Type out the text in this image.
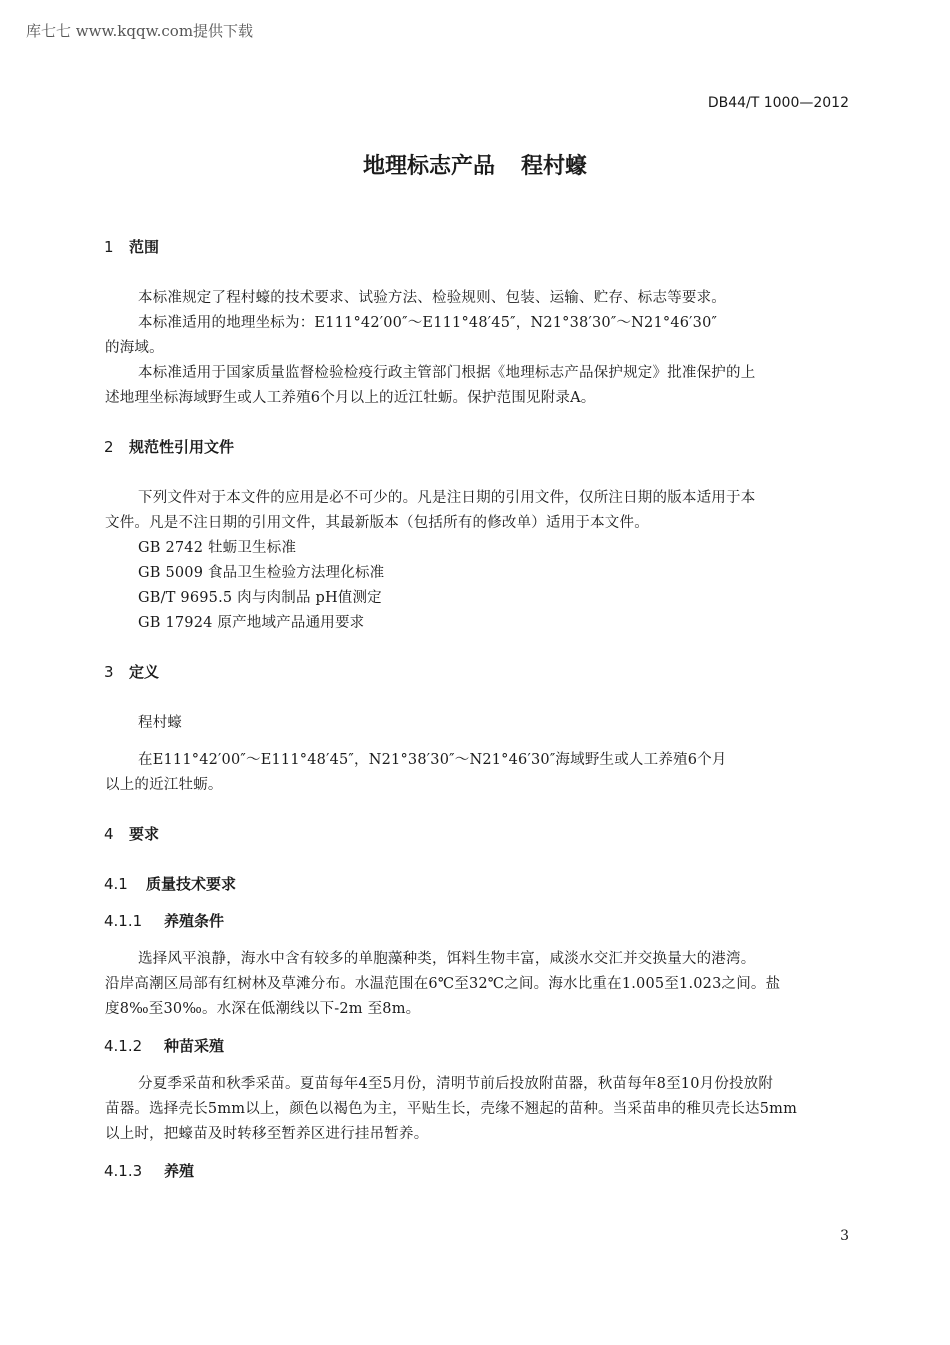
库七七 www.kqqw.com提供下载
DB44/T 1000—2012
地理标志产品 程村蠔
1 范围
本标准规定了程村蠔的技术要求、试验方法、检验规则、包装、运输、贮存、标志等要求。
本标准适用的地理坐标为：E111°42′00″～E111°48′45″，N21°38′30″～N21°46′30″
的海域。
本标准适用于国家质量监督检验检疫行政主管部门根据《地理标志产品保护规定》批准保护的上
述地理坐标海域野生或人工养殖6个月以上的近江牡蛎。保护范围见附录A。
2 规范性引用文件
下列文件对于本文件的应用是必不可少的。凡是注日期的引用文件，仅所注日期的版本适用于本
文件。凡是不注日期的引用文件，其最新版本（包括所有的修改单）适用于本文件。
GB 2742 牡蛎卫生标准
GB 5009 食品卫生检验方法理化标准
GB/T 9695.5 肉与肉制品 pH值测定
GB 17924 原产地域产品通用要求
3 定义
程村蠔
在E111°42′00″～E111°48′45″，N21°38′30″～N21°46′30″海域野生或人工养殖6个月
以上的近江牡蛎。
4 要求
4.1 质量技术要求
4.1.1 养殖条件
选择风平浪静，海水中含有较多的单胞藻种类，饵料生物丰富，咸淡水交汇并交换量大的港湾。
沿岸高潮区局部有红树林及草滩分布。水温范围在6℃至32℃之间。海水比重在1.005至1.023之间。盐
度8‰至30‰。水深在低潮线以下-2m 至8m。
4.1.2 种苗采殖
分夏季采苗和秋季采苗。夏苗每年4至5月份，清明节前后投放附苗器，秋苗每年8至10月份投放附
苗器。选择壳长5mm以上，颜色以褐色为主，平贴生长，壳缘不翘起的苗种。当采苗串的稚贝壳长达5mm
以上时，把蠔苗及时转移至暂养区进行挂吊暂养。
4.1.3 养殖
3
